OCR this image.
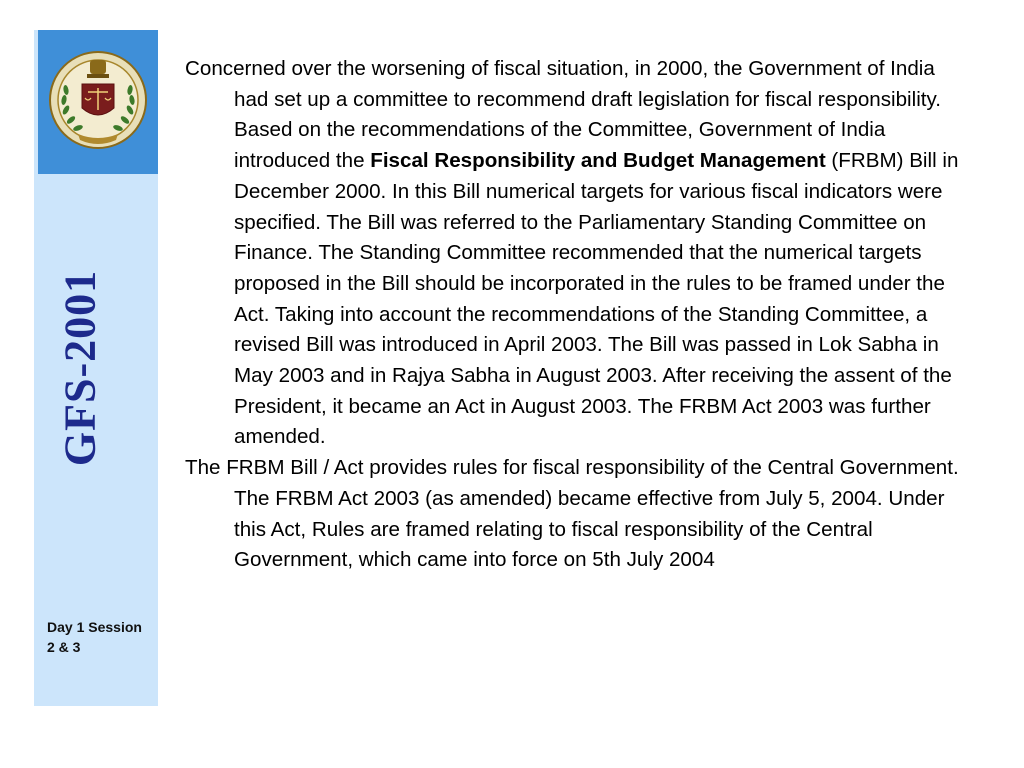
GFS-2001
Day 1 Session 2 & 3

Concerned over the worsening of fiscal situation, in 2000, the Government of India had set up a committee to recommend draft legislation for fiscal responsibility. Based on the recommendations of the Committee, Government of India introduced the Fiscal Responsibility and Budget Management (FRBM) Bill in December 2000. In this Bill numerical targets for various fiscal indicators were specified. The Bill was referred to the Parliamentary Standing Committee on Finance. The Standing Committee recommended that the numerical targets proposed in the Bill should be incorporated in the rules to be framed under the Act. Taking into account the recommendations of the Standing Committee, a revised Bill was introduced in April 2003. The Bill was passed in Lok Sabha in May 2003 and in Rajya Sabha in August 2003. After receiving the assent of the President, it became an Act in August 2003. The FRBM Act 2003 was further amended.

The FRBM Bill / Act provides rules for fiscal responsibility of the Central Government. The FRBM Act 2003 (as amended) became effective from July 5, 2004. Under this Act, Rules are framed relating to fiscal responsibility of the Central Government, which came into force on 5th July 2004
